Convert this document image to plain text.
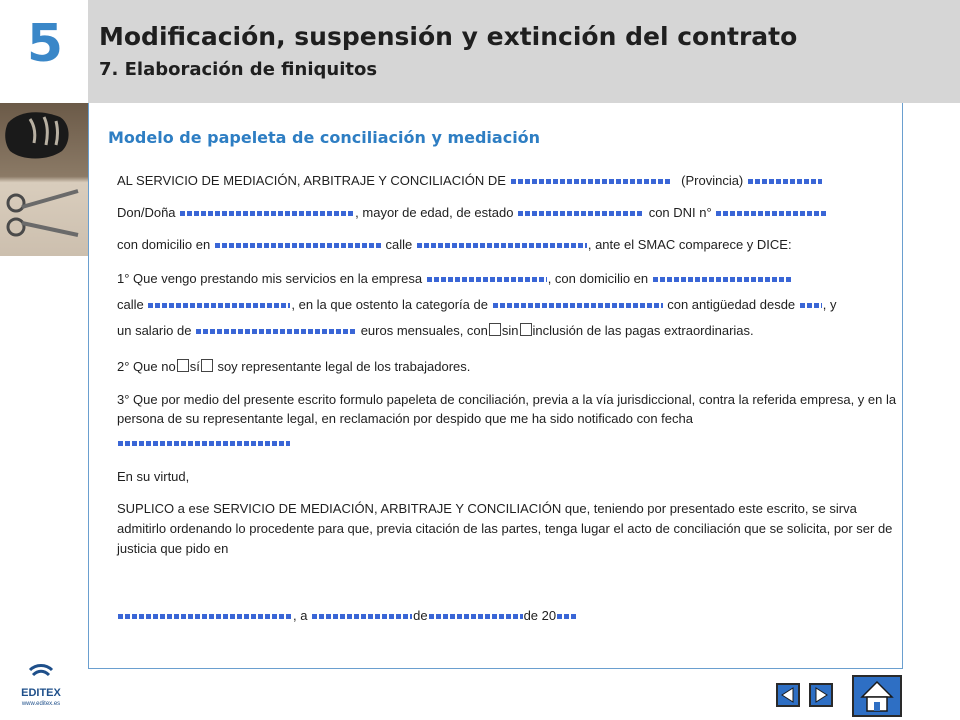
5 Modificación, suspensión y extinción del contrato
7. Elaboración de finiquitos
Modelo de papeleta de conciliación y mediación
AL SERVICIO DE MEDIACIÓN, ARBITRAJE Y CONCILIACIÓN DE	(Provincia)
Don/Doña	, mayor de edad, de estado	con DNI n°
con domicilio en	calle	, ante el SMAC comparece y DICE:
1° Que vengo prestando mis servicios en la empresa	, con domicilio en
calle	, en la que ostento la categoría de	con antigüedad desde , y
un salario de	euros mensuales, con sin inclusión de las pagas extraordinarias.
2° Que no sí soy representante legal de los trabajadores.
3° Que por medio del presente escrito formulo papeleta de conciliación, previa a la vía jurisdiccional, contra la referida empresa, y en la persona de su representante legal, en reclamación por despido que me ha sido notificado con fecha
En su virtud,
SUPLICO a ese SERVICIO DE MEDIACIÓN, ARBITRAJE Y CONCILIACIÓN que, teniendo por presentado este escrito, se sirva admitirlo ordenando lo procedente para que, previa citación de las partes, tenga lugar el acto de conciliación que se solicita, por ser de justicia que pido en
, a	de	de 20
EDITEX
www.editex.es
